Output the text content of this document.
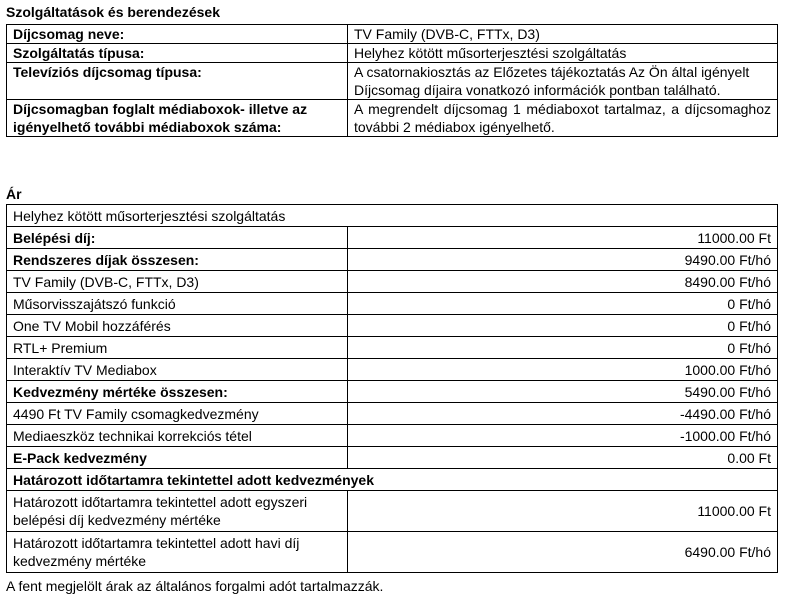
Szolgáltatások és berendezések
Díjcsomag neve:	TV Family (DVB-C, FTTx, D3)
Szolgáltatás típusa:	Helyhez kötött műsorterjesztési szolgáltatás
Televíziós díjcsomag típusa:	A csatornakiosztás az Előzetes tájékoztatás Az Ön által igényelt Díjcsomag díjaira vonatkozó információk pontban található.
Díjcsomagban foglalt médiaboxok- illetve az igényelhető további médiaboxok száma:	A megrendelt díjcsomag 1 médiaboxot tartalmaz, a díjcsomaghoz további 2 médiabox igényelhető.
Ár
Helyhez kötött műsorterjesztési szolgáltatás	
Belépési díj:	11000.00 Ft
Rendszeres díjak összesen:	9490.00 Ft/hó
TV Family (DVB-C, FTTx, D3)	8490.00 Ft/hó
Műsorvisszajátszó funkció	0 Ft/hó
One TV Mobil hozzáférés	0 Ft/hó
RTL+ Premium	0 Ft/hó
Interaktív TV Mediabox	1000.00 Ft/hó
Kedvezmény mértéke összesen:	5490.00 Ft/hó
4490 Ft TV Family csomagkedvezmény	-4490.00 Ft/hó
Mediaeszköz technikai korrekciós tétel	-1000.00 Ft/hó
E-Pack kedvezmény	0.00 Ft
Határozott időtartamra tekintettel adott kedvezmények	
Határozott időtartamra tekintettel adott egyszeri belépési díj kedvezmény mértéke	11000.00 Ft
Határozott időtartamra tekintettel adott havi díj kedvezmény mértéke	6490.00 Ft/hó
A fent megjelölt árak az általános forgalmi adót tartalmazzák.
